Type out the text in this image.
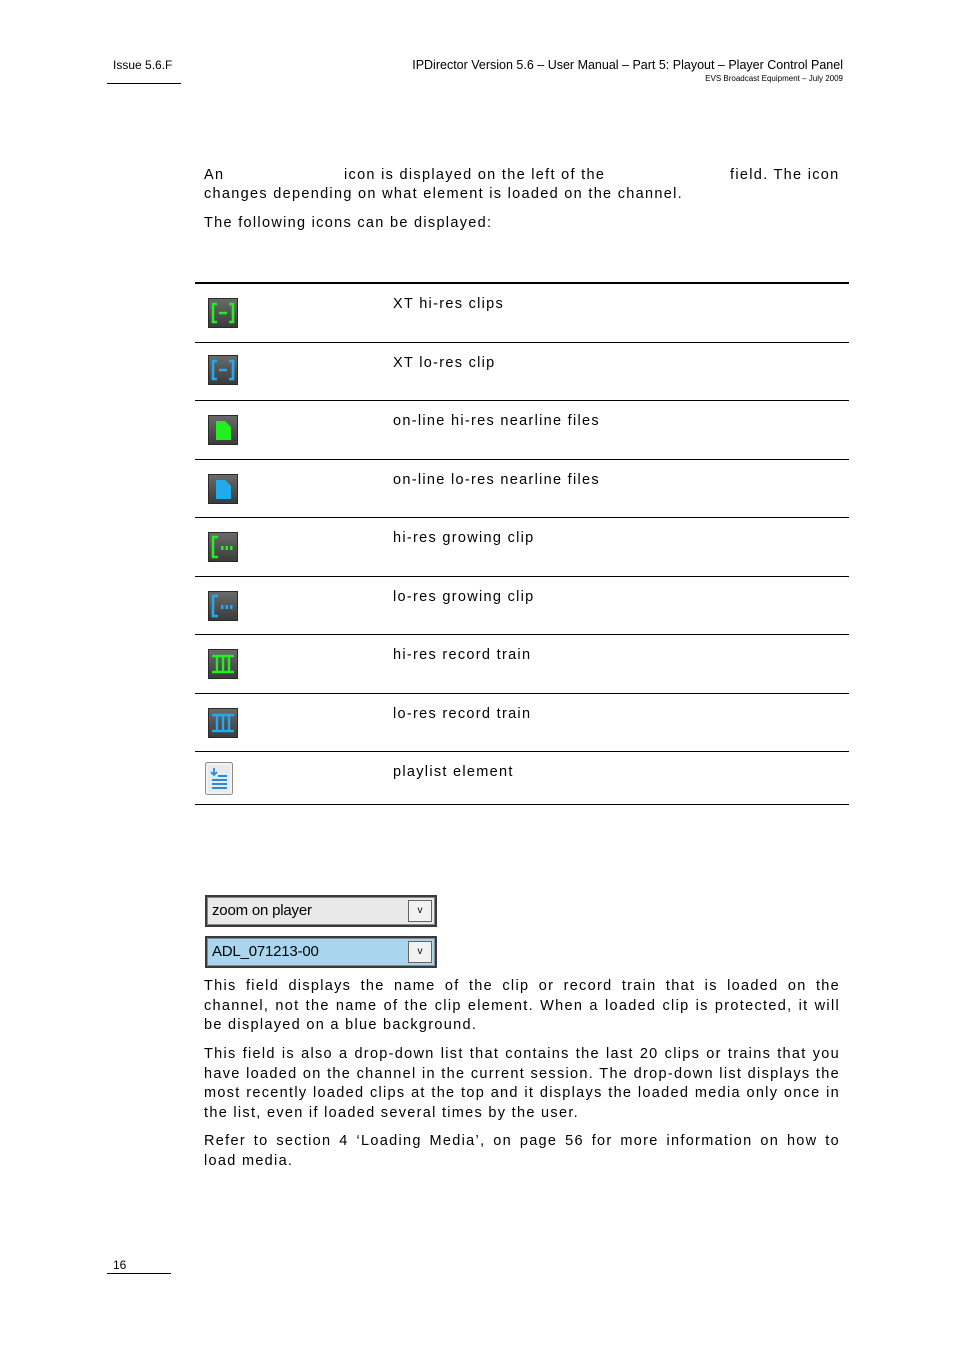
Issue 5.6.F	IPDirector Version 5.6 – User Manual – Part 5: Playout – Player Control Panel
EVS Broadcast Equipment – July 2009
An	icon is displayed on the left of the	field. The icon
changes depending on what element is loaded on the channel.
The following icons can be displayed:
XT hi-res clips
XT lo-res clip
on-line hi-res nearline files
on-line lo-res nearline files
hi-res growing clip
lo-res growing clip
hi-res record train
lo-res record train
playlist element
zoom on player	v
ADL_071213-00	v
This field displays the name of the clip or record train that is loaded on the channel, not the name of the clip element. When a loaded clip is protected, it will be displayed on a blue background.
This field is also a drop-down list that contains the last 20 clips or trains that you have loaded on the channel in the current session. The drop-down list displays the most recently loaded clips at the top and it displays the loaded media only once in the list, even if loaded several times by the user.
Refer to section 4 ‘Loading Media’, on page 56 for more information on how to load media.
16
